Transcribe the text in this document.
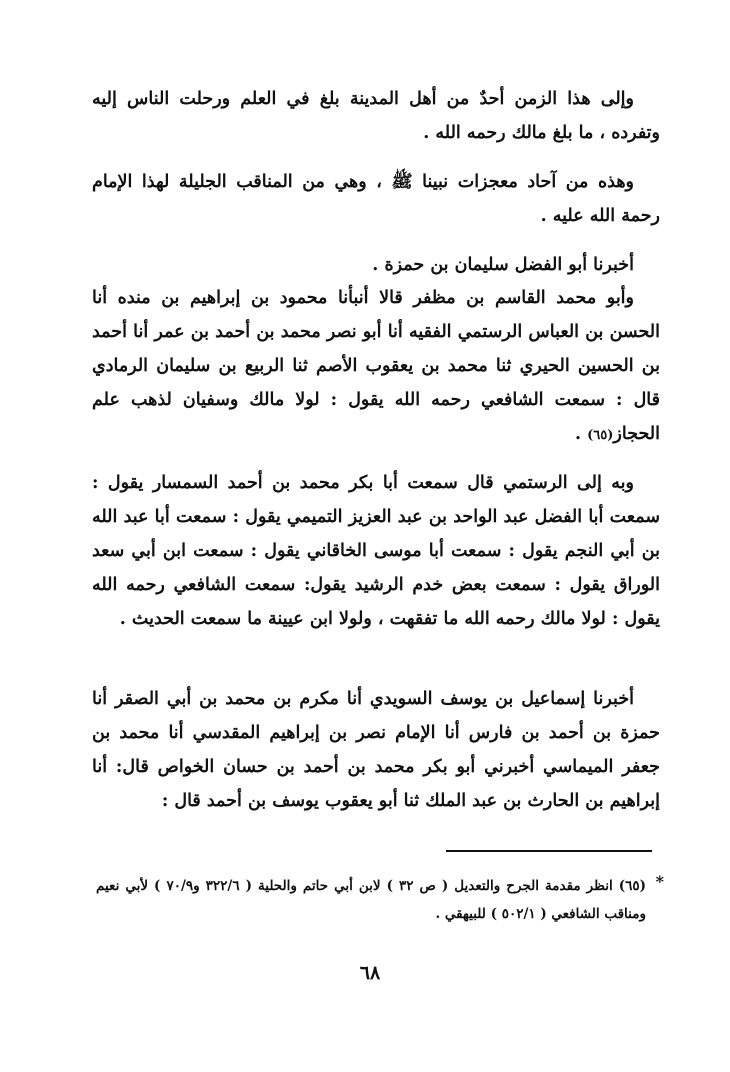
وإلى هذا الزمن أحدٌ من أهل المدينة بلغ في العلم ورحلت الناس إليه وتفرده ، ما بلغ مالك رحمه الله .

وهذه من آحاد معجزات نبينا ﷺ ، وهي من المناقب الجليلة لهذا الإمام رحمة الله عليه .

أخبرنا أبو الفضل سليمان بن حمزة .

وأبو محمد القاسم بن مظفر قالا أنبأنا محمود بن إبراهيم بن منده أنا الحسن بن العباس الرستمي الفقيه أنا أبو نصر محمد بن أحمد بن عمر أنا أحمد بن الحسين الحيري ثنا محمد بن يعقوب الأصم ثنا الربيع بن سليمان الرمادي قال : سمعت الشافعي رحمه الله يقول : لولا مالك وسفيان لذهب علم الحجاز(٦٥) .

وبه إلى الرستمي قال سمعت أبا بكر محمد بن أحمد السمسار يقول : سمعت أبا الفضل عبد الواحد بن عبد العزيز التميمي يقول : سمعت أبا عبد الله بن أبي النجم يقول : سمعت أبا موسى الخاقاني يقول : سمعت ابن أبي سعد الوراق يقول : سمعت بعض خدم الرشيد يقول: سمعت الشافعي رحمه الله يقول : لولا مالك رحمه الله ما تفقهت ، ولولا ابن عيينة ما سمعت الحديث .

أخبرنا إسماعيل بن يوسف السويدي أنا مكرم بن محمد بن أبي الصقر أنا حمزة بن أحمد بن فارس أنا الإمام نصر بن إبراهيم المقدسي أنا محمد بن جعفر الميماسي أخبرني أبو بكر محمد بن أحمد بن حسان الخواص قال: أنا إبراهيم بن الحارث بن عبد الملك ثنا أبو يعقوب يوسف بن أحمد قال :

*
(٦٥) انظر مقدمة الجرح والتعديل ( ص ٣٢ ) لابن أبي حاتم والحلية ( ٣٢٢/٦ و٧٠/٩ ) لأبي نعيم ومناقب الشافعي ( ٥٠٢/١ ) للبيهقي .
٦٨
